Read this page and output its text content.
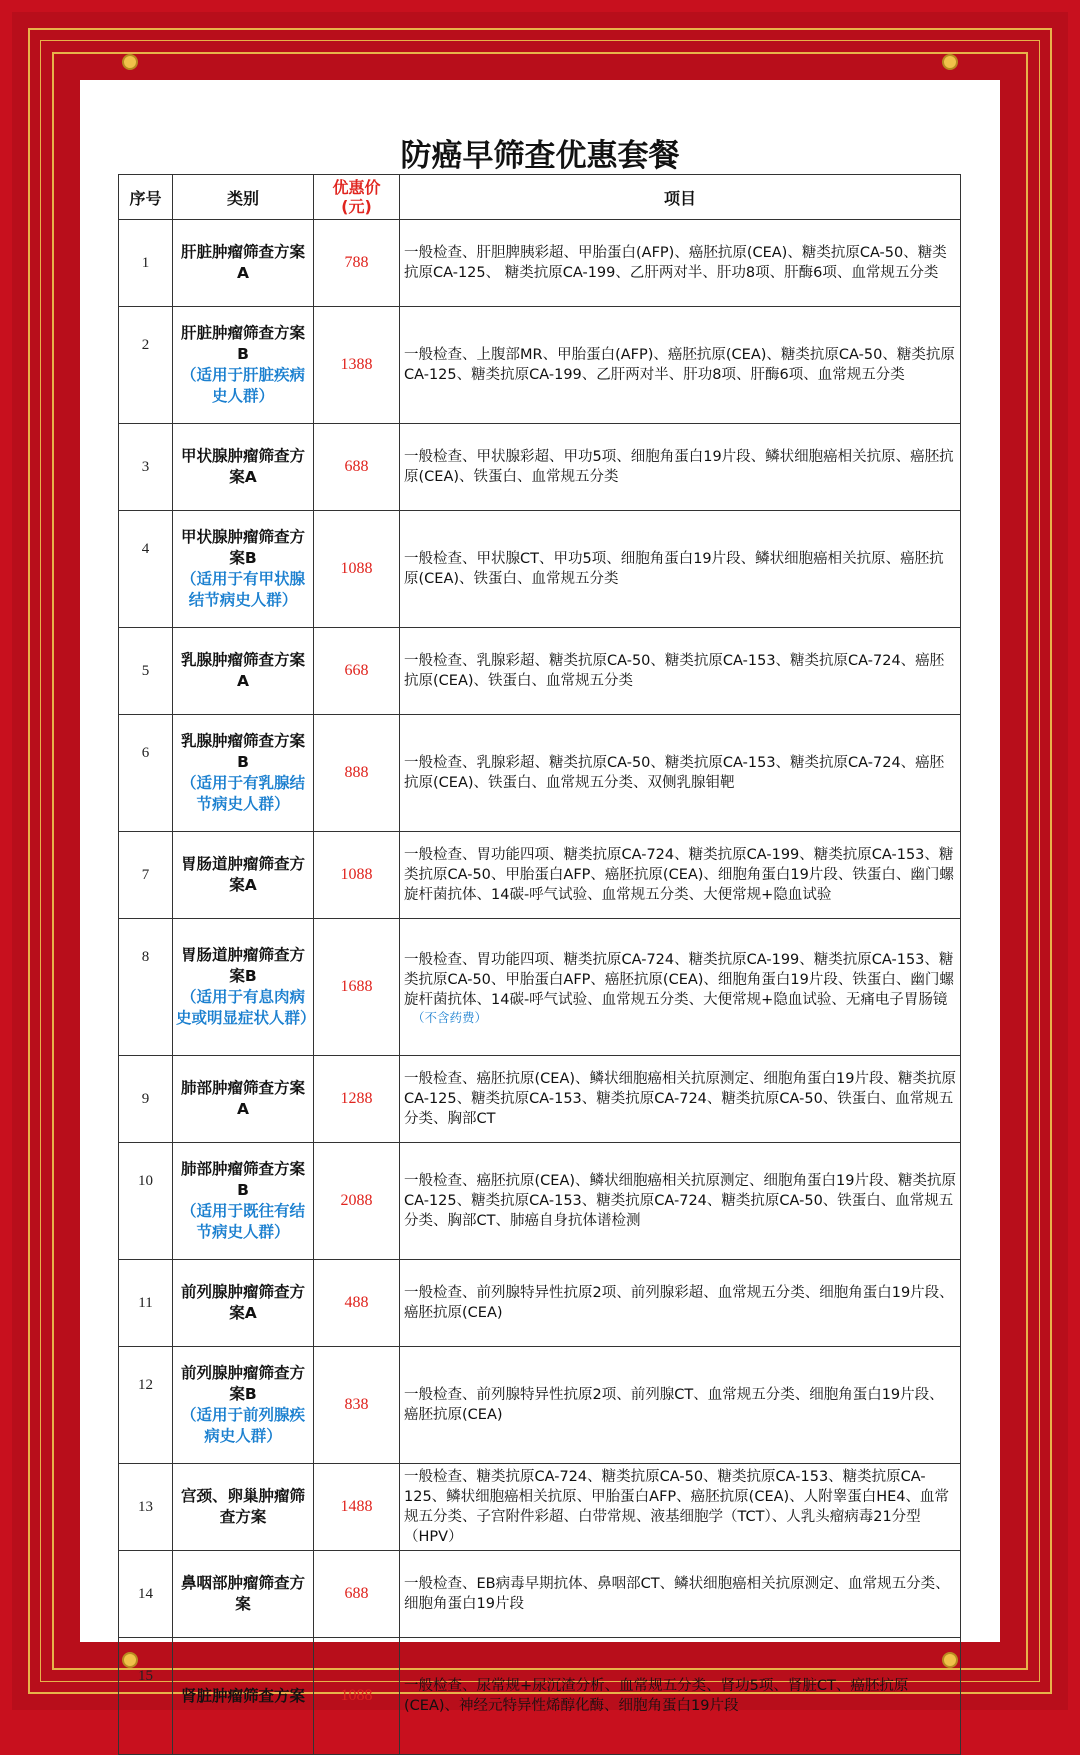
防癌早筛查优惠套餐
序号	类别	优惠价
(元)	项目
1	肝脏肿瘤筛查方案A	788	一般检查、肝胆脾胰彩超、甲胎蛋白(AFP)、癌胚抗原(CEA)、糖类抗原CA-50、糖类抗原CA-125、 糖类抗原CA-199、乙肝两对半、肝功8项、肝酶6项、血常规五分类
2	肝脏肿瘤筛查方案B
（适用于肝脏疾病史人群）	1388	一般检查、上腹部MR、甲胎蛋白(AFP)、癌胚抗原(CEA)、糖类抗原CA-50、糖类抗原CA-125、糖类抗原CA-199、乙肝两对半、肝功8项、肝酶6项、血常规五分类
3	甲状腺肿瘤筛查方案A	688	一般检查、甲状腺彩超、甲功5项、细胞角蛋白19片段、鳞状细胞癌相关抗原、癌胚抗原(CEA)、铁蛋白、血常规五分类
4	甲状腺肿瘤筛查方案B
（适用于有甲状腺结节病史人群）	1088	一般检查、甲状腺CT、甲功5项、细胞角蛋白19片段、鳞状细胞癌相关抗原、癌胚抗原(CEA)、铁蛋白、血常规五分类
5	乳腺肿瘤筛查方案A	668	一般检查、乳腺彩超、糖类抗原CA-50、糖类抗原CA-153、糖类抗原CA-724、癌胚抗原(CEA)、铁蛋白、血常规五分类
6	乳腺肿瘤筛查方案B
（适用于有乳腺结节病史人群）	888	一般检查、乳腺彩超、糖类抗原CA-50、糖类抗原CA-153、糖类抗原CA-724、癌胚抗原(CEA)、铁蛋白、血常规五分类、双侧乳腺钼靶
7	胃肠道肿瘤筛查方案A	1088	一般检查、胃功能四项、糖类抗原CA-724、糖类抗原CA-199、糖类抗原CA-153、糖类抗原CA-50、甲胎蛋白AFP、癌胚抗原(CEA)、细胞角蛋白19片段、铁蛋白、幽门螺旋杆菌抗体、14碳-呼气试验、血常规五分类、大便常规+隐血试验
8	胃肠道肿瘤筛查方案B
（适用于有息肉病史或明显症状人群）	1688	一般检查、胃功能四项、糖类抗原CA-724、糖类抗原CA-199、糖类抗原CA-153、糖类抗原CA-50、甲胎蛋白AFP、癌胚抗原(CEA)、细胞角蛋白19片段、铁蛋白、幽门螺旋杆菌抗体、14碳-呼气试验、血常规五分类、大便常规+隐血试验、无痛电子胃肠镜
（不含药费）

9	肺部肿瘤筛查方案A	1288	一般检查、癌胚抗原(CEA)、鳞状细胞癌相关抗原测定、细胞角蛋白19片段、糖类抗原CA-125、糖类抗原CA-153、糖类抗原CA-724、糖类抗原CA-50、铁蛋白、血常规五分类、胸部CT
10	肺部肿瘤筛查方案B
（适用于既往有结节病史人群）	2088	一般检查、癌胚抗原(CEA)、鳞状细胞癌相关抗原测定、细胞角蛋白19片段、糖类抗原CA-125、糖类抗原CA-153、糖类抗原CA-724、糖类抗原CA-50、铁蛋白、血常规五分类、胸部CT、肺癌自身抗体谱检测
11	前列腺肿瘤筛查方案A	488	一般检查、前列腺特异性抗原2项、前列腺彩超、血常规五分类、细胞角蛋白19片段、癌胚抗原(CEA)
12	前列腺肿瘤筛查方案B
（适用于前列腺疾病史人群）	838	一般检查、前列腺特异性抗原2项、前列腺CT、血常规五分类、细胞角蛋白19片段、癌胚抗原(CEA)
13	宫颈、卵巢肿瘤筛查方案	1488	一般检查、糖类抗原CA-724、糖类抗原CA-50、糖类抗原CA-153、糖类抗原CA-125、鳞状细胞癌相关抗原、甲胎蛋白AFP、癌胚抗原(CEA)、人附睾蛋白HE4、血常规五分类、子宫附件彩超、白带常规、液基细胞学（TCT）、人乳头瘤病毒21分型（HPV）
14	鼻咽部肿瘤筛查方案	688	一般检查、EB病毒早期抗体、鼻咽部CT、鳞状细胞癌相关抗原测定、血常规五分类、细胞角蛋白19片段
15	肾脏肿瘤筛查方案	1088	一般检查、尿常规+尿沉渣分析、血常规五分类、肾功5项、肾脏CT、癌胚抗原(CEA)、神经元特异性烯醇化酶、细胞角蛋白19片段
